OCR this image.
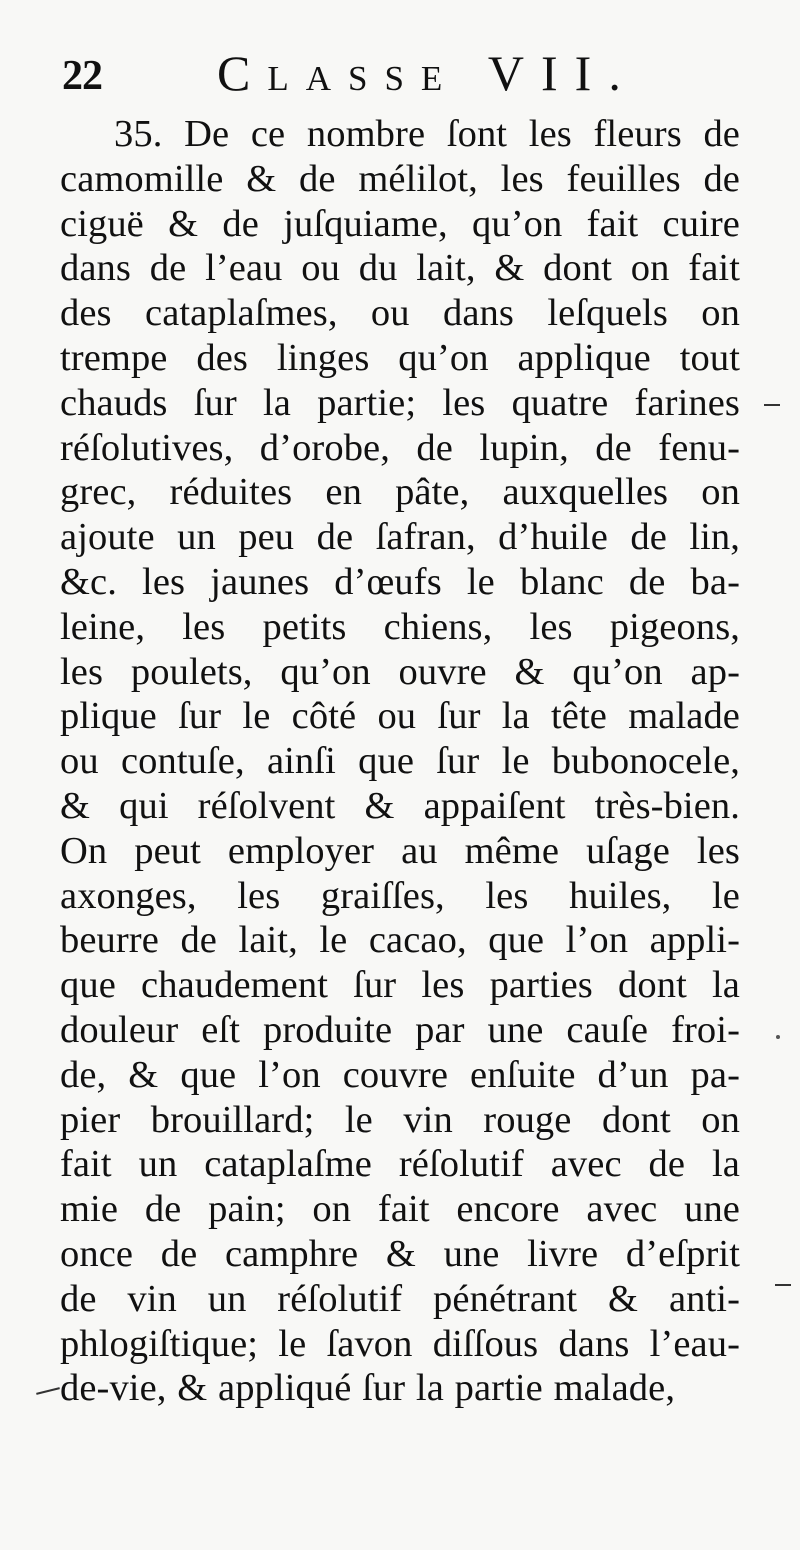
22 Classe VII.
35. De ce nombre ſont les fleurs de
camomille & de mélilot, les feuilles de
ciguë & de juſquiame, qu’on fait cuire
dans de l’eau ou du lait, & dont on fait
des cataplaſmes, ou dans leſquels on
trempe des linges qu’on applique tout
chauds ſur la partie; les quatre farines
réſolutives, d’orobe, de lupin, de fenu-
grec, réduites en pâte, auxquelles on
ajoute un peu de ſafran, d’huile de lin,
&c. les jaunes d’œufs le blanc de ba-
leine, les petits chiens, les pigeons,
les poulets, qu’on ouvre & qu’on ap-
plique ſur le côté ou ſur la tête malade
ou contuſe, ainſi que ſur le bubonocele,
& qui réſolvent & appaiſent très-bien.
On peut employer au même uſage les
axonges, les graiſſes, les huiles, le
beurre de lait, le cacao, que l’on appli-
que chaudement ſur les parties dont la
douleur eſt produite par une cauſe froi-
de, & que l’on couvre enſuite d’un pa-
pier brouillard; le vin rouge dont on
fait un cataplaſme réſolutif avec de la
mie de pain; on fait encore avec une
once de camphre & une livre d’eſprit
de vin un réſolutif pénétrant & anti-
phlogiſtique; le ſavon diſſous dans l’eau-
de-vie, & appliqué ſur la partie malade,
